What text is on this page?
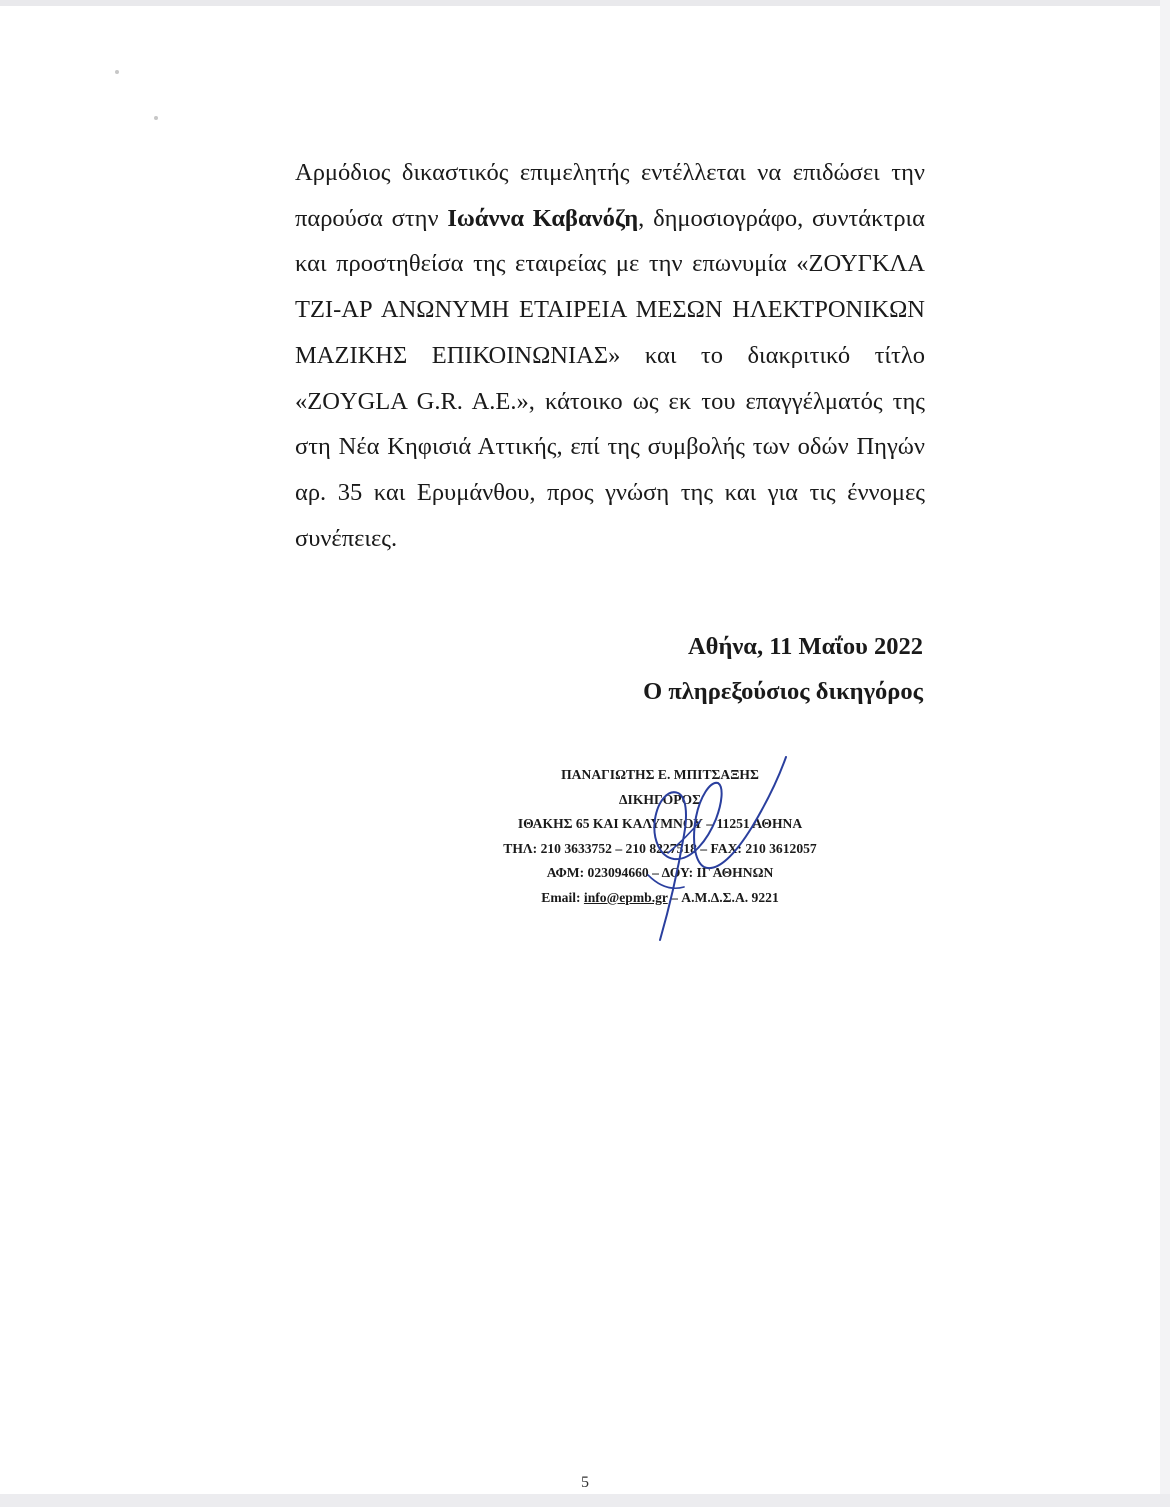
Αρμόδιος δικαστικός επιμελητής εντέλλεται να επιδώσει την παρούσα στην Ιωάννα Καβανόζη, δημοσιογράφο, συντάκτρια και προστηθείσα της εταιρείας με την επωνυμία «ΖΟΥΓΚΛΑ ΤΖΙ-ΑΡ ΑΝΩΝΥΜΗ ΕΤΑΙΡΕΙΑ ΜΕΣΩΝ ΗΛΕΚΤΡΟΝΙΚΩΝ ΜΑΖΙΚΗΣ ΕΠΙΚΟΙΝΩΝΙΑΣ» και το διακριτικό τίτλο «ZOYGLA G.R. A.E.», κάτοικο ως εκ του επαγγέλματός της στη Νέα Κηφισιά Αττικής, επί της συμβολής των οδών Πηγών αρ. 35 και Ερυμάνθου, προς γνώση της και για τις έννομες συνέπειες.

Αθήνα, 11 Μαΐου 2022
Ο πληρεξούσιος δικηγόρος
ΠΑΝΑΓΙΩΤΗΣ Ε. ΜΠΙΤΣΑΞΗΣ
ΔΙΚΗΓΟΡΟΣ
ΙΘΑΚΗΣ 65 ΚΑΙ ΚΑΛΥΜΝΟΥ – 11251 ΑΘΗΝΑ
ΤΗΛ: 210 3633752 – 210 8227518 – FAX: 210 3612057
ΑΦΜ: 023094660 – ΔΟΥ: ΙΓ ΑΘΗΝΩΝ
Email: info@epmb.gr – Α.Μ.Δ.Σ.Α. 9221
5
